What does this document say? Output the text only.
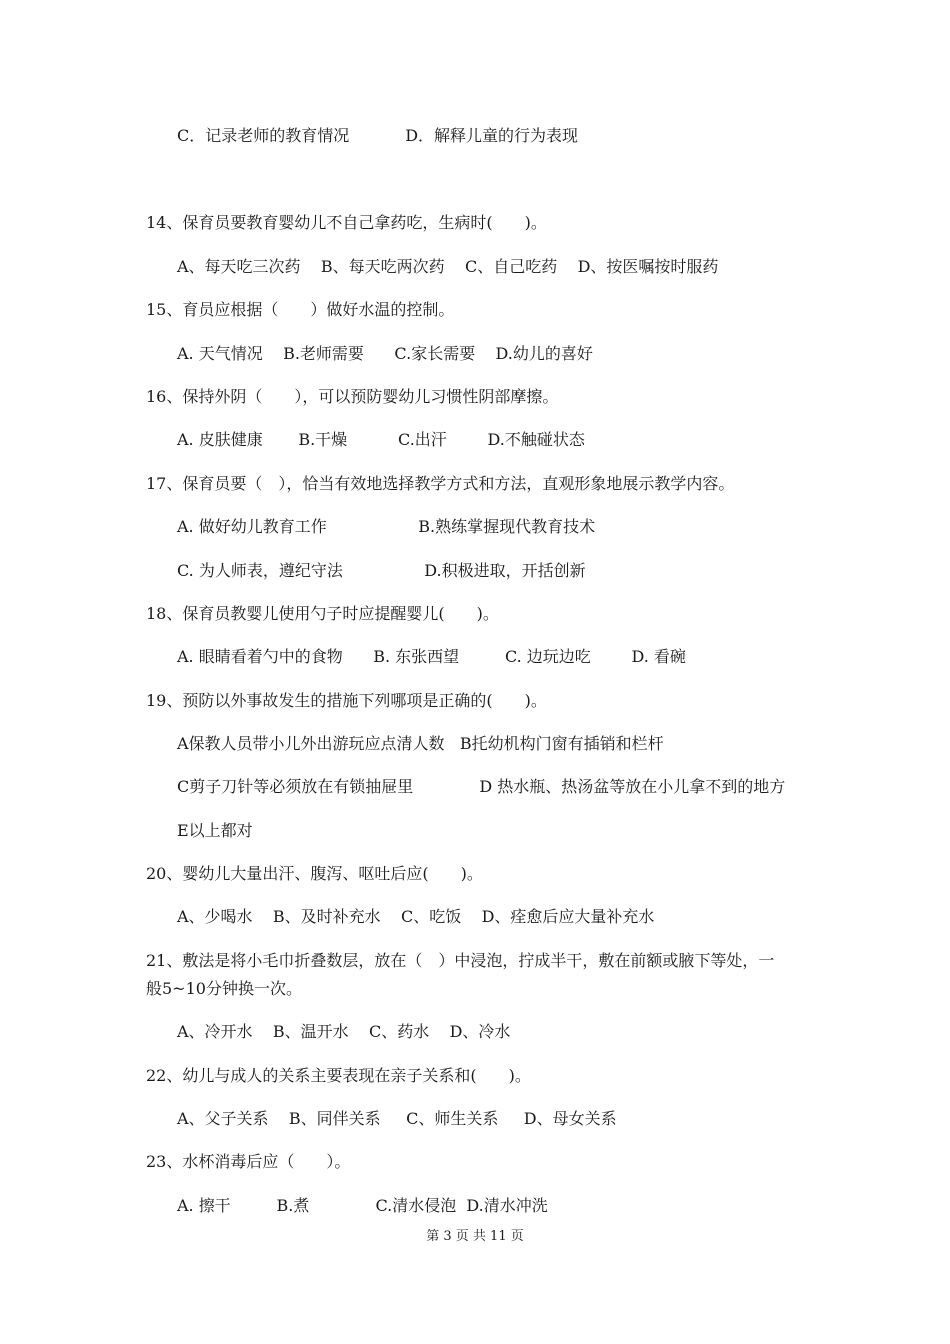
C．记录老师的教育情况           D．解释儿童的行为表现
14、保育员要教育婴幼儿不自己拿药吃，生病时(　　)。
A、每天吃三次药    B、每天吃两次药    C、自己吃药    D、按医嘱按时服药
15、育员应根据（　　）做好水温的控制。
A. 天气情况    B.老师需要      C.家长需要    D.幼儿的喜好
16、保持外阴（　　），可以预防婴幼儿习惯性阴部摩擦。
A. 皮肤健康       B.干燥          C.出汗        D.不触碰状态
17、保育员要（　），恰当有效地选择教学方式和方法，直观形象地展示教学内容。
A. 做好幼儿教育工作                  B.熟练掌握现代教育技术
C. 为人师表，遵纪守法                D.积极进取，开括创新
18、保育员教婴儿使用勺子时应提醒婴儿(　　)。
A. 眼睛看着勺中的食物      B. 东张西望         C. 边玩边吃        D. 看碗
19、预防以外事故发生的措施下列哪项是正确的(　　)。
A保教人员带小儿外出游玩应点清人数   B托幼机构门窗有插销和栏杆
C剪子刀针等必须放在有锁抽屉里             D 热水瓶、热汤盆等放在小儿拿不到的地方
E以上都对
20、婴幼儿大量出汗、腹泻、呕吐后应(　　)。
A、少喝水    B、及时补充水    C、吃饭    D、痊愈后应大量补充水
21、敷法是将小毛巾折叠数层，放在（　）中浸泡，拧成半干，敷在前额或腋下等处，一
般5~10分钟换一次。
A、冷开水    B、温开水    C、药水    D、冷水
22、幼儿与成人的关系主要表现在亲子关系和(　　)。
A、父子关系    B、同伴关系     C、师生关系     D、母女关系
23、水杯消毒后应（　　）。
A. 擦干         B.煮             C.清水侵泡  D.清水冲洗
第 3 页 共 11 页
